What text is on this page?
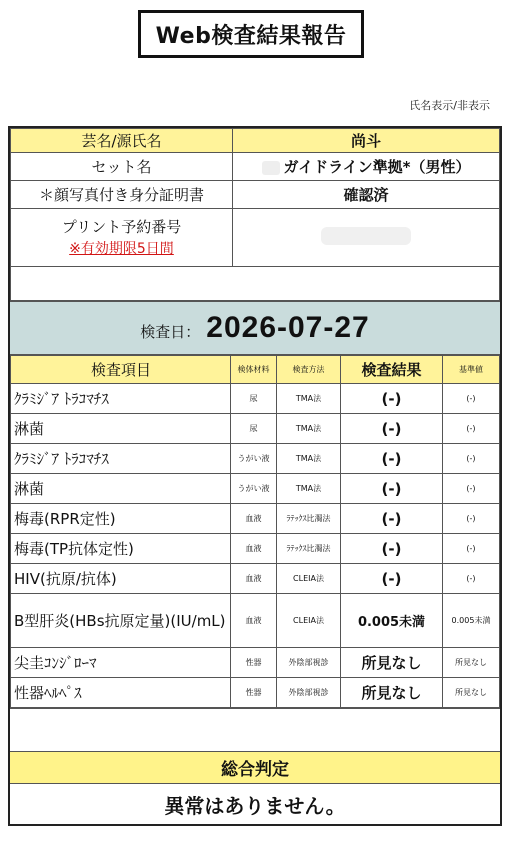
Web検査結果報告
氏名表示/非表示
芸名/源氏名	尚斗
セット名	ガイドライン準拠*（男性）
＊顔写真付き身分証明書	確認済

プリント予約番号
※有効期限5日間	

検査日： 2026-07-27
検査項目	検体材料	検査方法	検査結果	基準値
ｸﾗﾐｼﾞｱ ﾄﾗｺﾏﾁｽ	尿	TMA法	(-)	(-)
淋菌	尿	TMA法	(-)	(-)
ｸﾗﾐｼﾞｱ ﾄﾗｺﾏﾁｽ	うがい液	TMA法	(-)	(-)
淋菌	うがい液	TMA法	(-)	(-)
梅毒(RPR定性)	血液	ﾗﾃｯｸｽ比濁法	(-)	(-)
梅毒(TP抗体定性)	血液	ﾗﾃｯｸｽ比濁法	(-)	(-)
HIV(抗原/抗体)	血液	CLEIA法	(-)	(-)
B型肝炎(HBs抗原定量)(IU/mL)	血液	CLEIA法	0.005未満	0.005未満
尖圭ｺﾝｼﾞﾛｰﾏ	性器	外陰部視診	所見なし	所見なし
性器ﾍﾙﾍﾟｽ	性器	外陰部視診	所見なし	所見なし
総合判定
異常はありません。
